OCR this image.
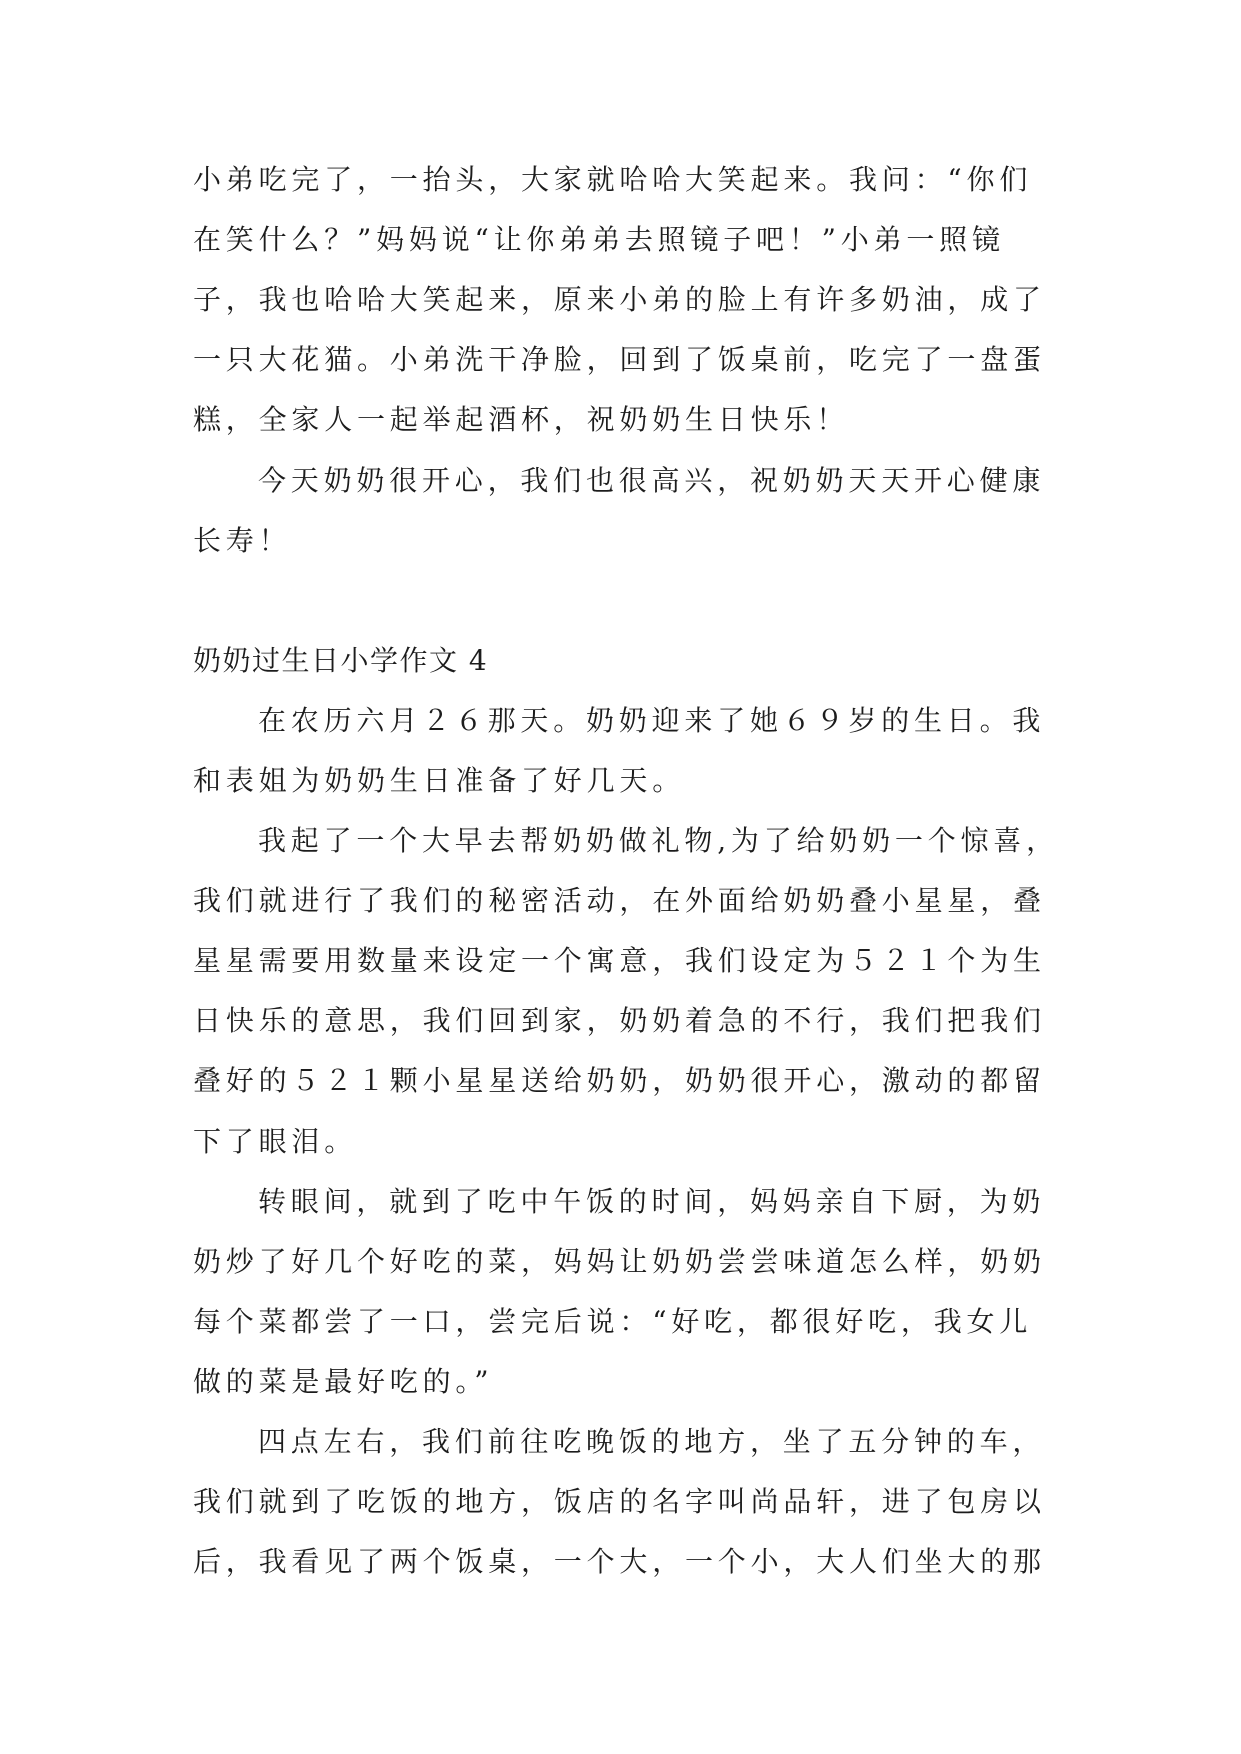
小弟吃完了，一抬头，大家就哈哈大笑起来。我问：“你们
在笑什么？”妈妈说“让你弟弟去照镜子吧！”小弟一照镜
子，我也哈哈大笑起来，原来小弟的脸上有许多奶油，成了
一只大花猫。小弟洗干净脸，回到了饭桌前，吃完了一盘蛋
糕，全家人一起举起酒杯，祝奶奶生日快乐！
今天奶奶很开心，我们也很高兴，祝奶奶天天开心健康
长寿！
奶奶过生日小学作文 4
在农历六月２６那天。奶奶迎来了她６９岁的生日。我
和表姐为奶奶生日准备了好几天。
我起了一个大早去帮奶奶做礼物,为了给奶奶一个惊喜，
我们就进行了我们的秘密活动，在外面给奶奶叠小星星，叠
星星需要用数量来设定一个寓意，我们设定为５２１个为生
日快乐的意思，我们回到家，奶奶着急的不行，我们把我们
叠好的５２１颗小星星送给奶奶，奶奶很开心，激动的都留
下了眼泪。
转眼间，就到了吃中午饭的时间，妈妈亲自下厨，为奶
奶炒了好几个好吃的菜，妈妈让奶奶尝尝味道怎么样，奶奶
每个菜都尝了一口，尝完后说：“好吃，都很好吃，我女儿
做的菜是最好吃的。”
四点左右，我们前往吃晚饭的地方，坐了五分钟的车，
我们就到了吃饭的地方，饭店的名字叫尚品轩，进了包房以
后，我看见了两个饭桌，一个大，一个小，大人们坐大的那
